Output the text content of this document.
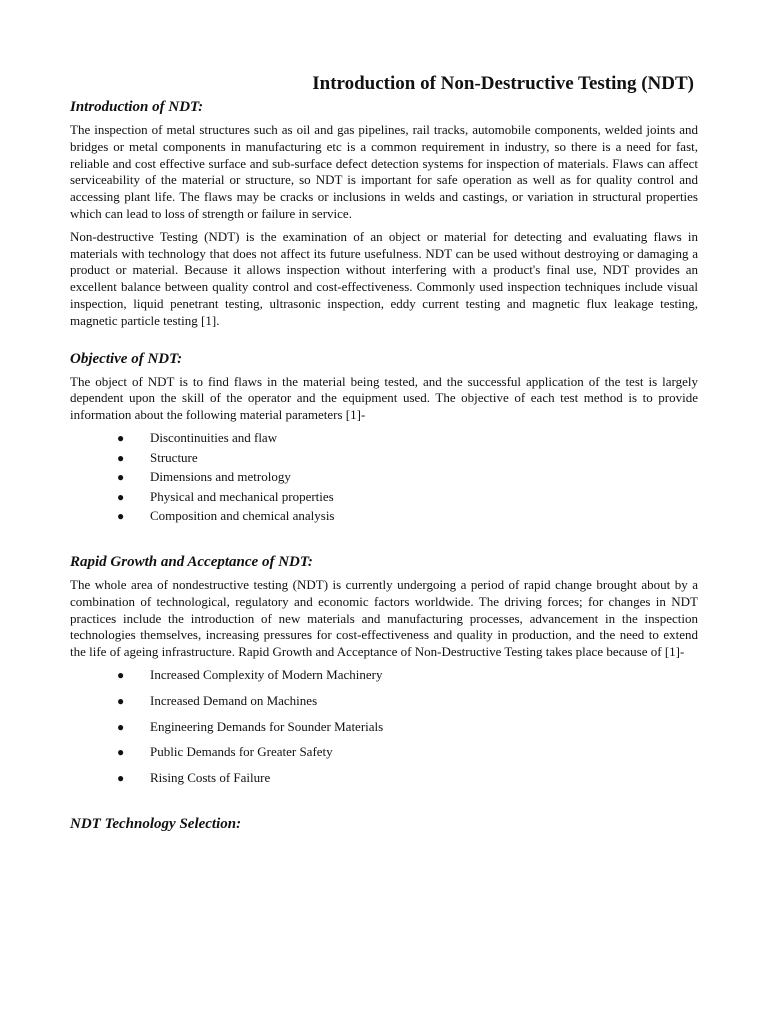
Introduction of Non-Destructive Testing (NDT)
Introduction of NDT:

The inspection of metal structures such as oil and gas pipelines, rail tracks, automobile components, welded joints and bridges or metal components in manufacturing etc is a common requirement in industry, so there is a need for fast, reliable and cost effective surface and sub-surface defect detection systems for inspection of materials. Flaws can affect serviceability of the material or structure, so NDT is important for safe operation as well as for quality control and accessing plant life. The flaws may be cracks or inclusions in welds and castings, or variation in structural properties which can lead to loss of strength or failure in service.

Non-destructive Testing (NDT) is the examination of an object or material for detecting and evaluating flaws in materials with technology that does not affect its future usefulness. NDT can be used without destroying or damaging a product or material. Because it allows inspection without interfering with a product's final use, NDT provides an excellent balance between quality control and cost-effectiveness. Commonly used inspection techniques include visual inspection, liquid penetrant testing, ultrasonic inspection, eddy current testing and magnetic flux leakage testing, magnetic particle testing [1].

Objective of NDT:

The object of NDT is to find flaws in the material being tested, and the successful application of the test is largely dependent upon the skill of the operator and the equipment used. The objective of each test method is to provide information about the following material parameters [1]-

● Discontinuities and flaw
● Structure
● Dimensions and metrology
● Physical and mechanical properties
● Composition and chemical analysis
Rapid Growth and Acceptance of NDT:

The whole area of nondestructive testing (NDT) is currently undergoing a period of rapid change brought about by a combination of technological, regulatory and economic factors worldwide. The driving forces; for changes in NDT practices include the introduction of new materials and manufacturing processes, advancement in the inspection technologies themselves, increasing pressures for cost-effectiveness and quality in production, and the need to extend the life of ageing infrastructure. Rapid Growth and Acceptance of Non-Destructive Testing takes place because of [1]-

● Increased Complexity of Modern Machinery
● Increased Demand on Machines
● Engineering Demands for Sounder Materials
● Public Demands for Greater Safety
● Rising Costs of Failure
NDT Technology Selection:
